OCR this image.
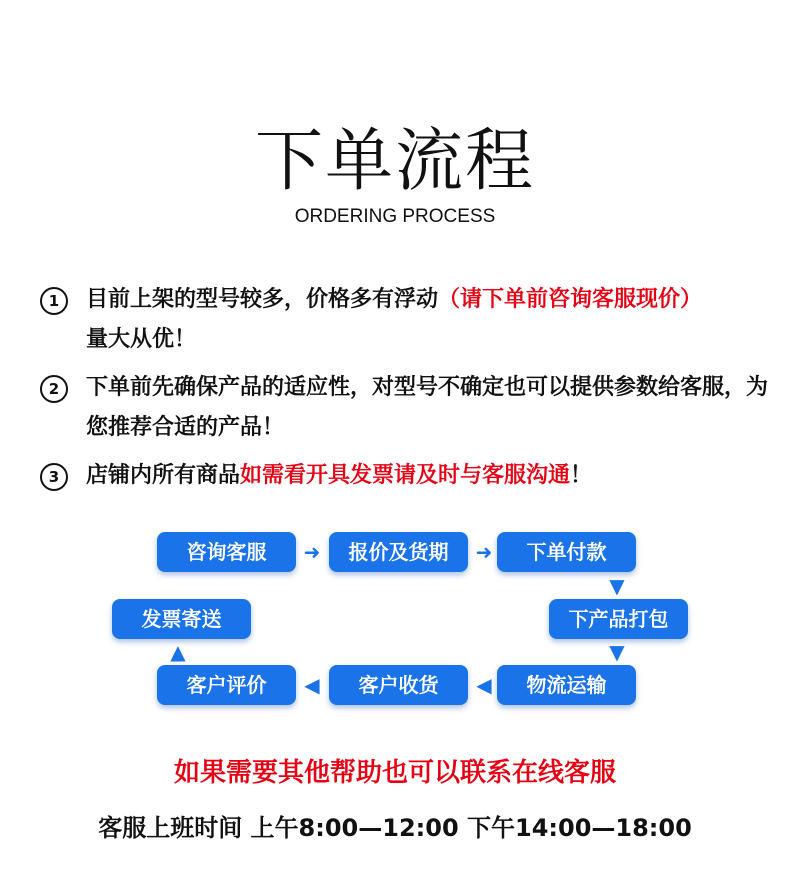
下单流程
ORDERING PROCESS
1	目前上架的型号较多，价格多有浮动（请下单前咨询客服现价）
量大从优！
2	下单前先确保产品的适应性，对型号不确定也可以提供参数给客服，为您推荐合适的产品！
3	店铺内所有商品如需看开具发票请及时与客服沟通！
咨询客服	➜	报价及货期	➜	下单付款
▼
发票寄送	下产品打包
▲	▼
客户评价	◀	客户收货	◀	物流运输
如果需要其他帮助也可以联系在线客服
客服上班时间 上午8:00—12:00 下午14:00—18:00
